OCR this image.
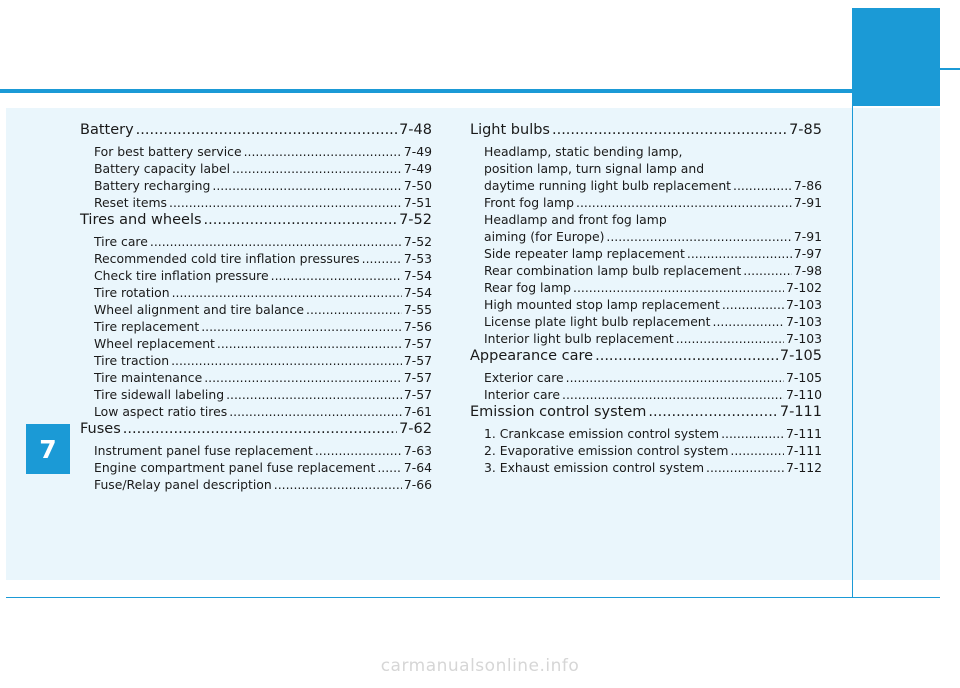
7
Battery .....	7-48
For best battery service .....	7-49
Battery capacity label .....	7-49
Battery recharging .....	7-50
Reset items .....	7-51
Tires and wheels .....	7-52
Tire care .....	7-52
Recommended cold tire inflation pressures .....	7-53
Check tire inflation pressure .....	7-54
Tire rotation .....	7-54
Wheel alignment and tire balance .....	7-55
Tire replacement .....	7-56
Wheel replacement .....	7-57
Tire traction .....	7-57
Tire maintenance .....	7-57
Tire sidewall labeling .....	7-57
Low aspect ratio tires .....	7-61
Fuses .....	7-62
Instrument panel fuse replacement .....	7-63
Engine compartment panel fuse replacement ..... 7-64
Fuse/Relay panel description .....	7-66
Light bulbs .....	7-85
Headlamp, static bending lamp,
position lamp, turn signal lamp and
daytime running light bulb replacement .....	7-86
Front fog lamp .....	7-91
Headlamp and front fog lamp
aiming (for Europe) .....	7-91
Side repeater lamp replacement .....	7-97
Rear combination lamp bulb replacement .....	7-98
Rear fog lamp .....	7-102
High mounted stop lamp replacement .....	7-103
License plate light bulb replacement .....	7-103
Interior light bulb replacement .....	7-103
Appearance care .....	7-105
Exterior care .....	7-105
Interior care .....	7-110
Emission control system .....	7-111
1. Crankcase emission control system .....	7-111
2. Evaporative emission control system .....	7-111
3. Exhaust emission control system .....	7-112
carmanualsonline.info
